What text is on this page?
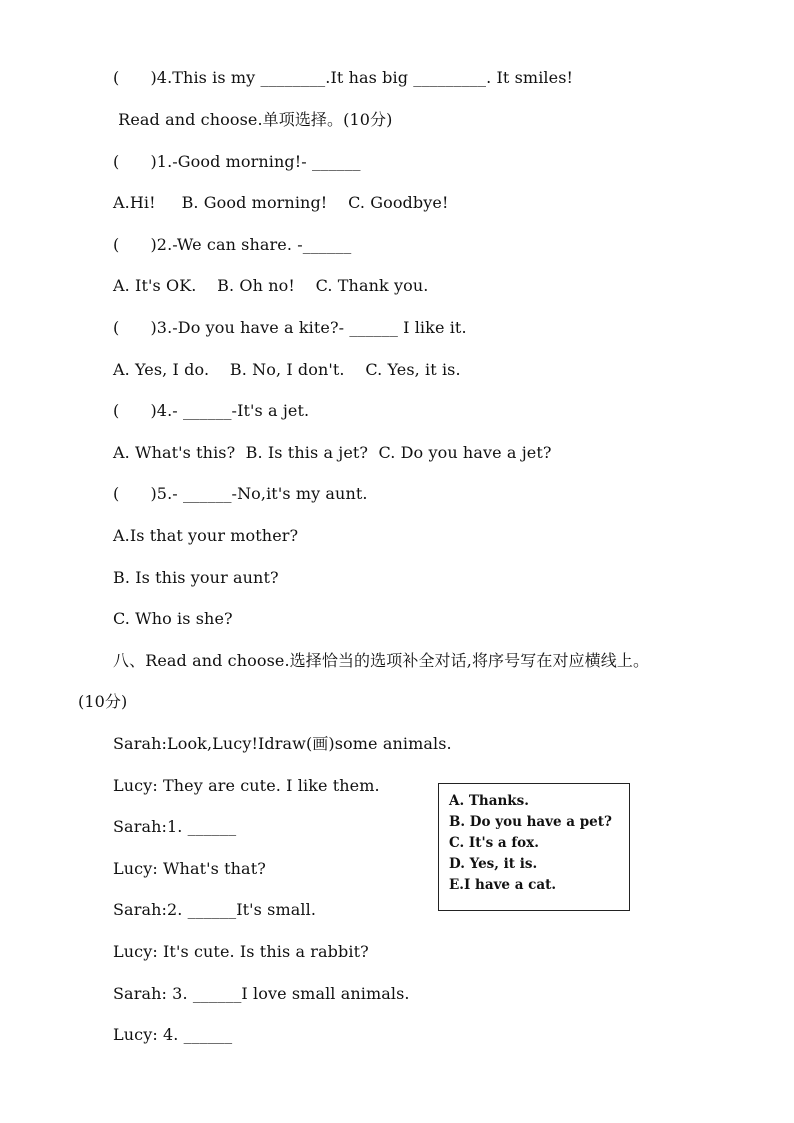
(      )4.This is my ________.It has big _________. It smiles!
Read and choose.单项选择。(10分)
(      )1.-Good morning!- ______
A.Hi!     B. Good morning!    C. Goodbye!
(      )2.-We can share. -______
A. It's OK.    B. Oh no!    C. Thank you.
(      )3.-Do you have a kite?- ______ I like it.
A. Yes, I do.    B. No, I don't.    C. Yes, it is.
(      )4.- ______-It's a jet.
A. What's this?  B. Is this a jet?  C. Do you have a jet?
(      )5.- ______-No,it's my aunt.
A.Is that your mother?
B. Is this your aunt?
C. Who is she?
八、Read and choose.选择恰当的选项补全对话,将序号写在对应横线上。
(10分)
Sarah:Look,Lucy!Idraw(画)some animals.
Lucy: They are cute. I like them.
Sarah:1. ______
Lucy: What's that?
Sarah:2. ______It's small.
Lucy: It's cute. Is this a rabbit?
Sarah: 3. ______I love small animals.
Lucy: 4. ______
A. Thanks.
B. Do you have a pet?
C. It's a fox.
D. Yes, it is.
E.I have a cat.
